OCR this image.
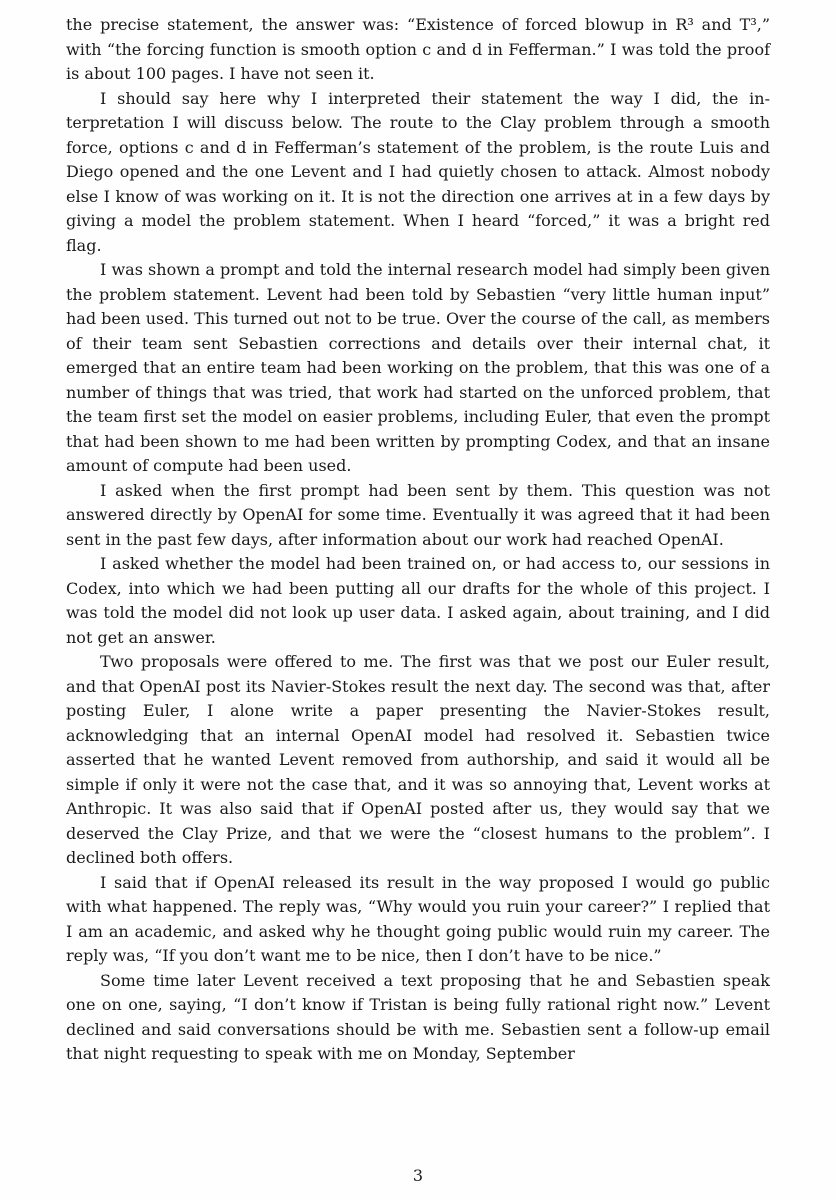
the precise statement, the answer was: “Existence of forced blowup in R³ and T³,” with “the forcing function is smooth option c and d in Fefferman.” I was told the proof is about 100 pages. I have not seen it.

I should say here why I interpreted their statement the way I did, the interpretation I will discuss below. The route to the Clay problem through a smooth force, options c and d in Fefferman’s statement of the problem, is the route Luis and Diego opened and the one Levent and I had quietly chosen to attack. Almost nobody else I know of was working on it. It is not the direction one arrives at in a few days by giving a model the problem statement. When I heard “forced,” it was a bright red flag.

I was shown a prompt and told the internal research model had simply been given the problem statement. Levent had been told by Sebastien “very little human input” had been used. This turned out not to be true. Over the course of the call, as members of their team sent Sebastien corrections and details over their internal chat, it emerged that an entire team had been working on the problem, that this was one of a number of things that was tried, that work had started on the unforced problem, that the team first set the model on easier problems, including Euler, that even the prompt that had been shown to me had been written by prompting Codex, and that an insane amount of compute had been used.

I asked when the first prompt had been sent by them. This question was not answered directly by OpenAI for some time. Eventually it was agreed that it had been sent in the past few days, after information about our work had reached OpenAI.

I asked whether the model had been trained on, or had access to, our sessions in Codex, into which we had been putting all our drafts for the whole of this project. I was told the model did not look up user data. I asked again, about training, and I did not get an answer.

Two proposals were offered to me. The first was that we post our Euler result, and that OpenAI post its Navier-Stokes result the next day. The second was that, after posting Euler, I alone write a paper presenting the Navier-Stokes result, acknowledging that an internal OpenAI model had resolved it. Sebastien twice asserted that he wanted Levent removed from authorship, and said it would all be simple if only it were not the case that, and it was so annoying that, Levent works at Anthropic. It was also said that if OpenAI posted after us, they would say that we deserved the Clay Prize, and that we were the “closest humans to the problem”. I declined both offers.

I said that if OpenAI released its result in the way proposed I would go public with what happened. The reply was, “Why would you ruin your career?” I replied that I am an academic, and asked why he thought going public would ruin my career. The reply was, “If you don’t want me to be nice, then I don’t have to be nice.”

Some time later Levent received a text proposing that he and Sebastien speak one on one, saying, “I don’t know if Tristan is being fully rational right now.” Levent declined and said conversations should be with me. Sebastien sent a follow-up email that night requesting to speak with me on Monday, September

3
